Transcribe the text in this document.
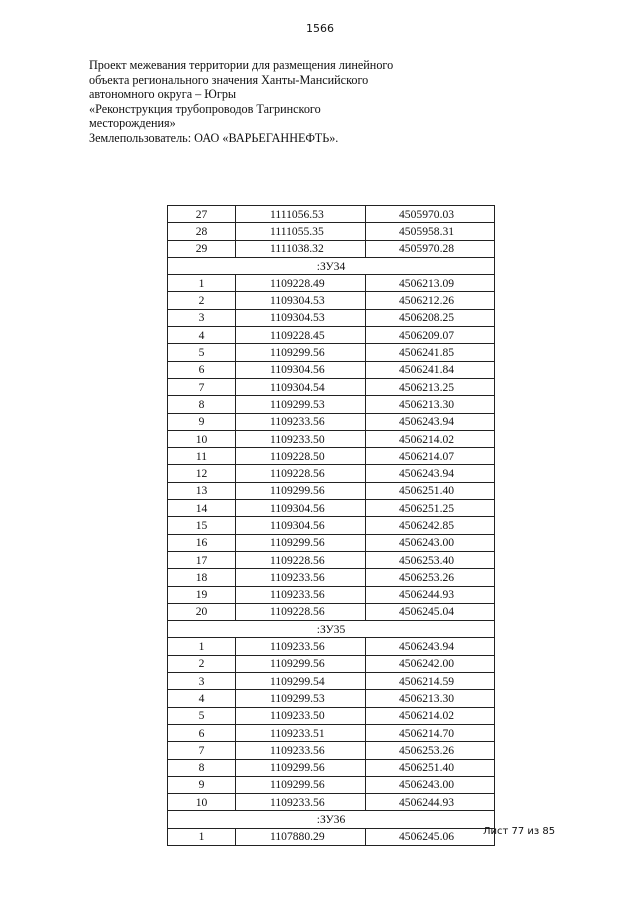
1566
Проект межевания территории для размещения линейного
объекта регионального значения Ханты-Мансийского
автономного округа – Югры
«Реконструкция трубопроводов Тагринского
месторождения»
Землепользователь: ОАО «ВАРЬЕГАННЕФТЬ».
27	1111056.53	4505970.03
28	1111055.35	4505958.31
29	1111038.32	4505970.28
:ЗУ34		
1	1109228.49	4506213.09
2	1109304.53	4506212.26
3	1109304.53	4506208.25
4	1109228.45	4506209.07
5	1109299.56	4506241.85
6	1109304.56	4506241.84
7	1109304.54	4506213.25
8	1109299.53	4506213.30
9	1109233.56	4506243.94
10	1109233.50	4506214.02
11	1109228.50	4506214.07
12	1109228.56	4506243.94
13	1109299.56	4506251.40
14	1109304.56	4506251.25
15	1109304.56	4506242.85
16	1109299.56	4506243.00
17	1109228.56	4506253.40
18	1109233.56	4506253.26
19	1109233.56	4506244.93
20	1109228.56	4506245.04
:ЗУ35		
1	1109233.56	4506243.94
2	1109299.56	4506242.00
3	1109299.54	4506214.59
4	1109299.53	4506213.30
5	1109233.50	4506214.02
6	1109233.51	4506214.70
7	1109233.56	4506253.26
8	1109299.56	4506251.40
9	1109299.56	4506243.00
10	1109233.56	4506244.93
:ЗУ36		
1	1107880.29	4506245.06	Лист 77 из 85
